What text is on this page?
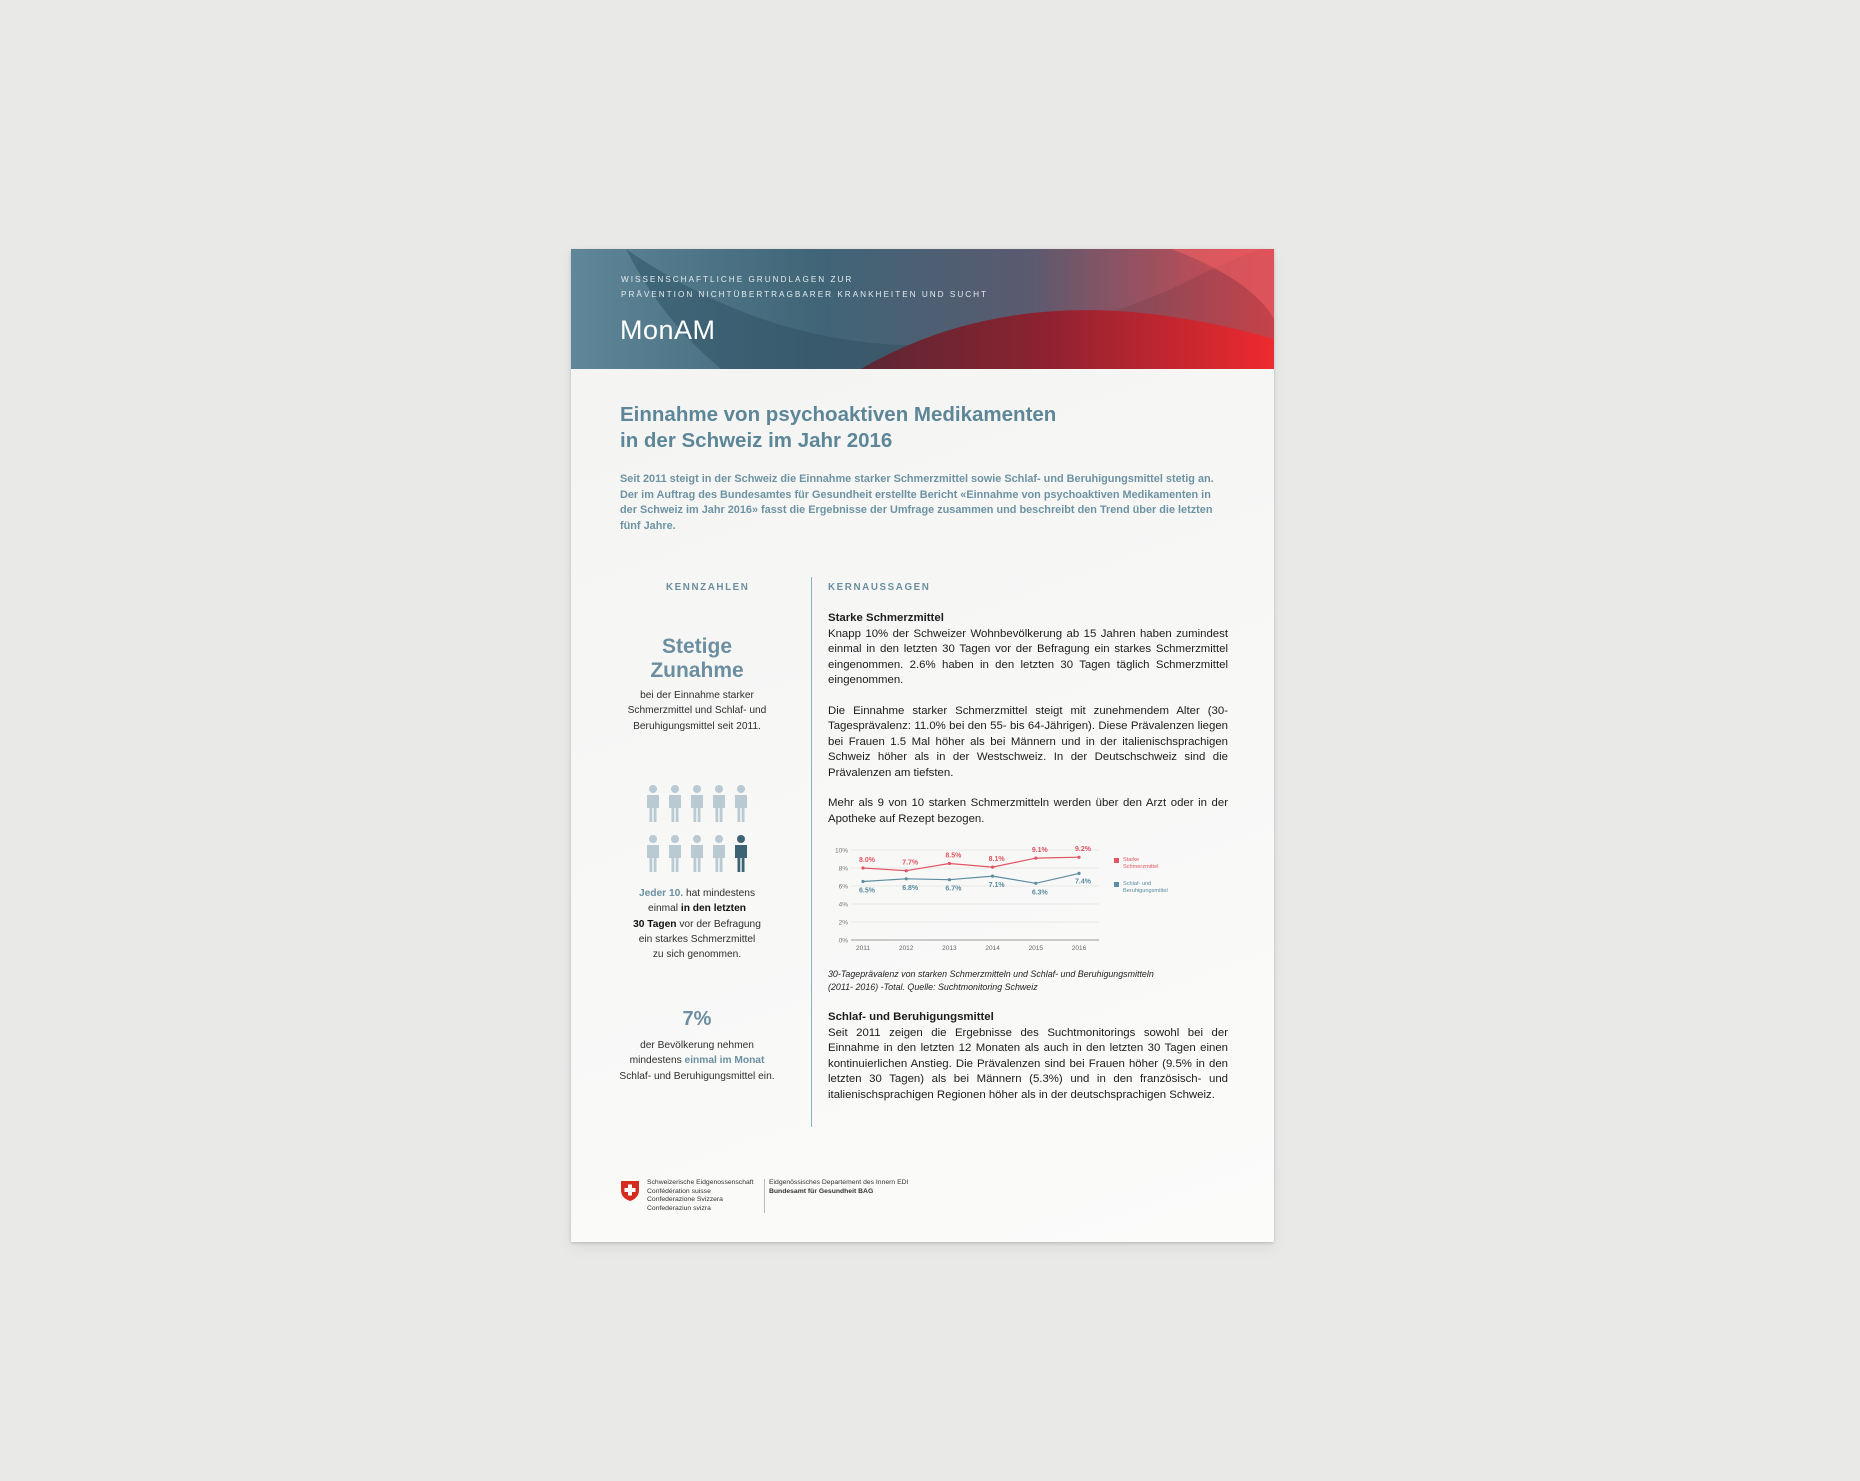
WISSENSCHAFTLICHE GRUNDLAGEN ZUR
PRÄVENTION NICHTÜBERTRAGBARER KRANKHEITEN UND SUCHT
MonAM
Einnahme von psychoaktiven Medikamenten
in der Schweiz im Jahr 2016
Seit 2011 steigt in der Schweiz die Einnahme starker Schmerzmittel sowie Schlaf- und Beruhigungsmittel stetig an. Der im Auftrag des Bundesamtes für Gesundheit erstellte Bericht «Einnahme von psychoaktiven Medikamenten in der Schweiz im Jahr 2016» fasst die Ergebnisse der Umfrage zusammen und beschreibt den Trend über die letzten fünf Jahre.
KENNZAHLEN	KERNAUSSAGEN
Stetige
Zunahme
bei der Einnahme starker
Schmerzmittel und Schlaf- und
Beruhigungsmittel seit 2011.
Jeder 10. hat mindestens
einmal in den letzten
30 Tagen vor der Befragung
ein starkes Schmerzmittel
zu sich genommen.
7%
der Bevölkerung nehmen
mindestens einmal im Monat
Schlaf- und Beruhigungsmittel ein.

Starke Schmerzmittel

Knapp 10% der Schweizer Wohnbevölkerung ab 15 Jahren haben zumindest einmal in den letzten 30 Tagen vor der Befragung ein starkes Schmerzmittel eingenommen. 2.6% haben in den letzten 30 Tagen täglich Schmerzmittel eingenommen.

Die Einnahme starker Schmerzmittel steigt mit zunehmendem Alter (30-Tagesprävalenz: 11.0% bei den 55- bis 64-Jährigen). Diese Prävalenzen liegen bei Frauen 1.5 Mal höher als bei Männern und in der italienischsprachigen Schweiz höher als in der Westschweiz. In der Deutschschweiz sind die Prävalenzen am tiefsten.

Mehr als 9 von 10 starken Schmerzmitteln werden über den Arzt oder in der Apotheke auf Rezept bezogen.

0%
2%
4%
6%
8%
10%
2011	2012	2013	2014	2015	2016
8.0%	7.7%
8.5%
8.1%
9.1%	9.2%
Starke
Schmerzmittel
6.5%	6.8%	6.7%
7.1%
6.3%
7.4%	Schlaf- und
Beruhigungsmittel
30-Tageprävalenz von starken Schmerzmitteln und Schlaf- und Beruhigungsmitteln
(2011- 2016) -Total. Quelle: Suchtmonitoring Schweiz

Schlaf- und Beruhigungsmittel

Seit 2011 zeigen die Ergebnisse des Suchtmonitorings sowohl bei der Einnahme in den letzten 12 Monaten als auch in den letzten 30 Tagen einen kontinuierlichen Anstieg. Die Prävalenzen sind bei Frauen höher (9.5% in den letzten 30 Tagen) als bei Männern (5.3%) und in den französisch- und italienischsprachigen Regionen höher als in der deutschsprachigen Schweiz.

Schweizerische Eidgenossenschaft
Confédération suisse
Confederazione Svizzera
Confederaziun svizra
Eidgenössisches Departement des Innern EDI
Bundesamt für Gesundheit BAG
